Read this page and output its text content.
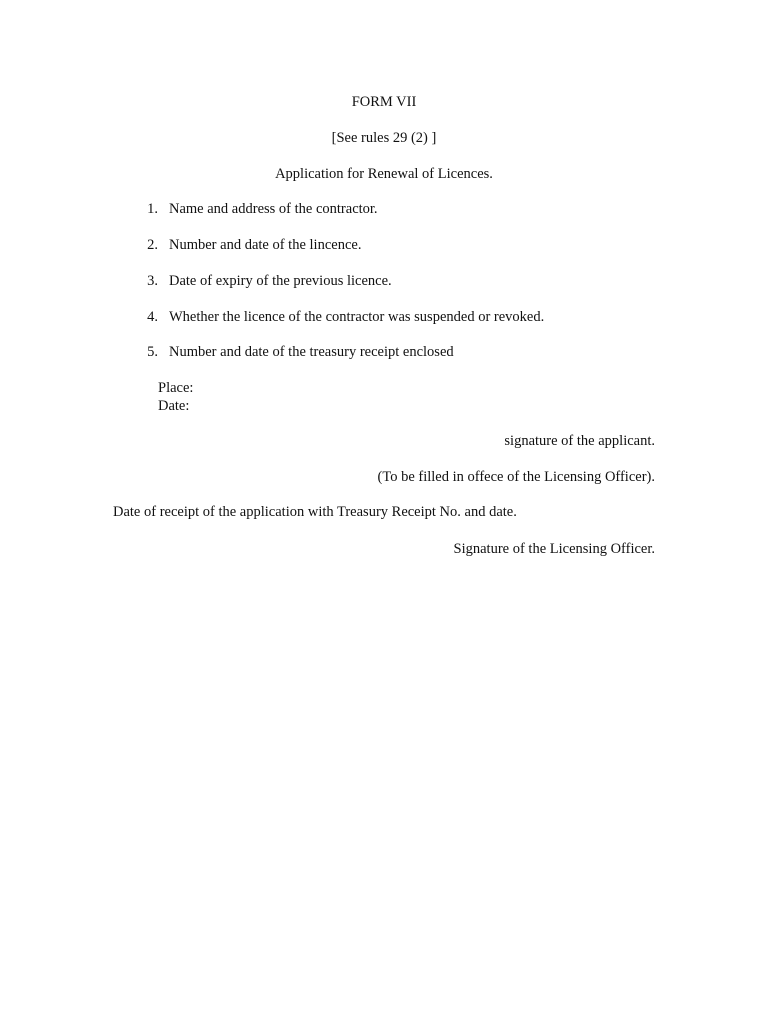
FORM VII
[See rules 29 (2) ]
Application for Renewal of Licences.
1. Name and address of the contractor.
2. Number and date of the lincence.
3. Date of expiry of the previous licence.
4. Whether the licence of the contractor was suspended or revoked.
5. Number and date of the treasury receipt enclosed
Place:
Date:
signature of the applicant.
(To be filled in offece of the Licensing Officer).
Date of receipt of the application with Treasury Receipt No. and date.
Signature of the Licensing Officer.
